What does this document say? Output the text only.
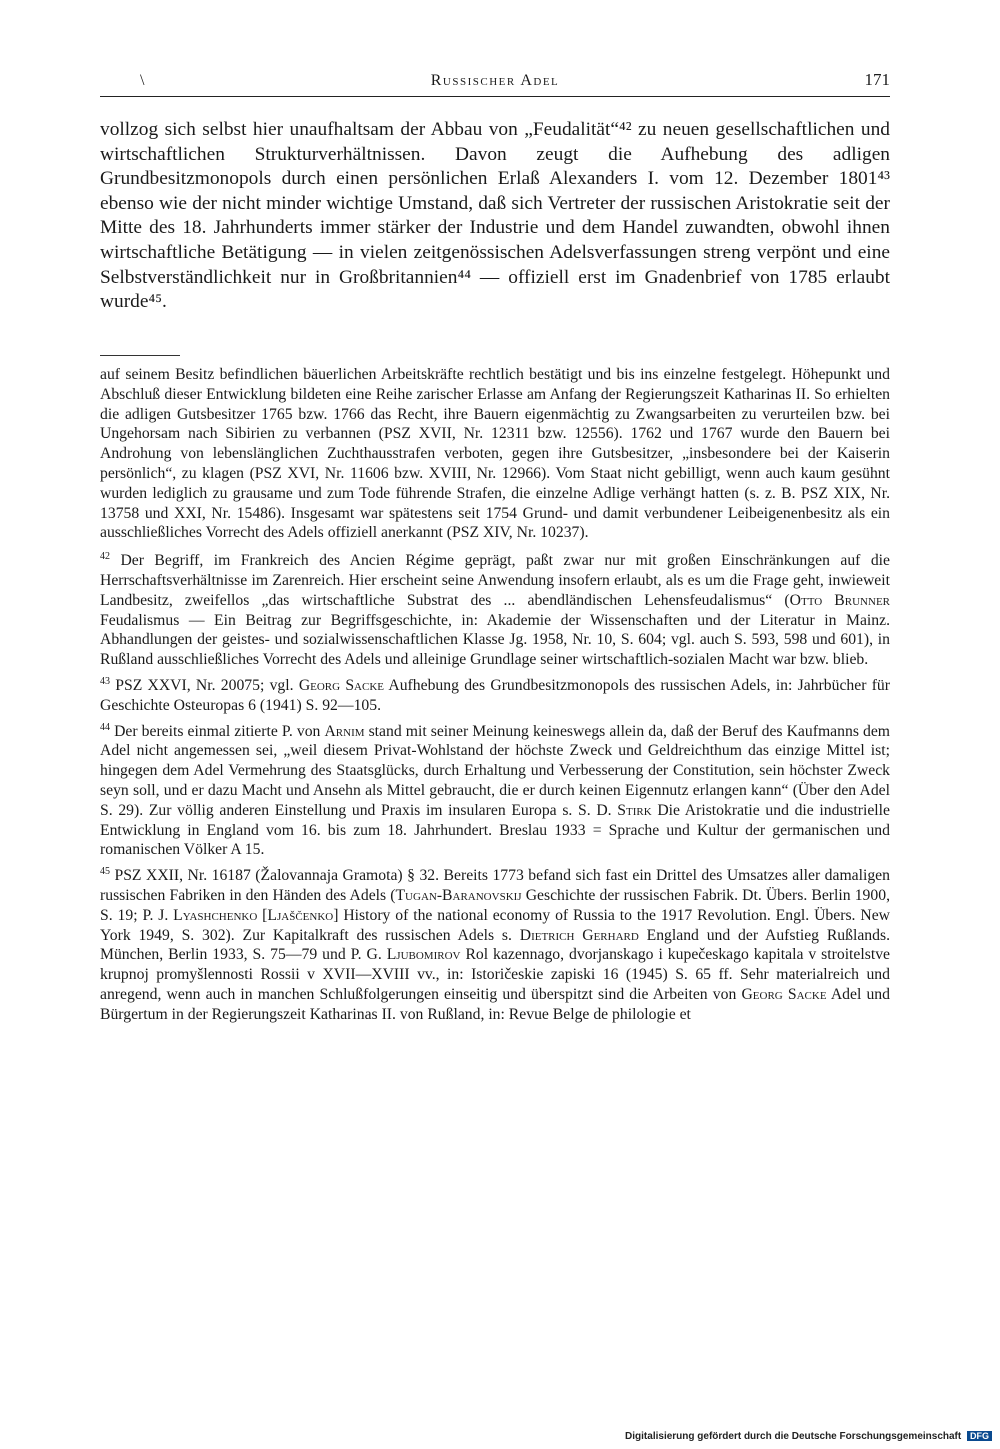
\	Russischer Adel	171
vollzog sich selbst hier unaufhaltsam der Abbau von „Feudalität“⁴² zu neuen gesellschaftlichen und wirtschaftlichen Strukturverhältnissen. Davon zeugt die Aufhebung des adligen Grundbesitzmonopols durch einen persönlichen Erlaß Alexanders I. vom 12. Dezember 1801⁴³ ebenso wie der nicht minder wichtige Umstand, daß sich Vertreter der russischen Aristokratie seit der Mitte des 18. Jahrhunderts immer stärker der Industrie und dem Handel zuwandten, obwohl ihnen wirtschaftliche Betätigung — in vielen zeitgenössischen Adelsverfassungen streng verpönt und eine Selbstverständlichkeit nur in Großbritannien⁴⁴ — offiziell erst im Gnadenbrief von 1785 erlaubt wurde⁴⁵.

auf seinem Besitz befindlichen bäuerlichen Arbeitskräfte rechtlich bestätigt und bis ins einzelne festgelegt. Höhepunkt und Abschluß dieser Entwicklung bildeten eine Reihe zarischer Erlasse am Anfang der Regierungszeit Katharinas II. So erhielten die adligen Gutsbesitzer 1765 bzw. 1766 das Recht, ihre Bauern eigenmächtig zu Zwangsarbeiten zu verurteilen bzw. bei Ungehorsam nach Sibirien zu verbannen (PSZ XVII, Nr. 12311 bzw. 12556). 1762 und 1767 wurde den Bauern bei Androhung von lebenslänglichen Zuchthausstrafen verboten, gegen ihre Gutsbesitzer, „insbesondere bei der Kaiserin persönlich“, zu klagen (PSZ XVI, Nr. 11606 bzw. XVIII, Nr. 12966). Vom Staat nicht gebilligt, wenn auch kaum gesühnt wurden lediglich zu grausame und zum Tode führende Strafen, die einzelne Adlige verhängt hatten (s. z. B. PSZ XIX, Nr. 13758 und XXI, Nr. 15486). Insgesamt war spätestens seit 1754 Grund- und damit verbundener Leibeigenenbesitz als ein ausschließliches Vorrecht des Adels offiziell anerkannt (PSZ XIV, Nr. 10237).

$^{42}$ Der Begriff, im Frankreich des Ancien Régime geprägt, paßt zwar nur mit großen Einschränkungen auf die Herrschaftsverhältnisse im Zarenreich. Hier erscheint seine Anwendung insofern erlaubt, als es um die Frage geht, inwieweit Landbesitz, zweifellos „das wirtschaftliche Substrat des ... abendländischen Lehensfeudalismus“ (Otto Brunner Feudalismus — Ein Beitrag zur Begriffsgeschichte, in: Akademie der Wissenschaften und der Literatur in Mainz. Abhandlungen der geistes- und sozialwissenschaftlichen Klasse Jg. 1958, Nr. 10, S. 604; vgl. auch S. 593, 598 und 601), in Rußland ausschließliches Vorrecht des Adels und alleinige Grundlage seiner wirtschaftlich-sozialen Macht war bzw. blieb.

$^{43}$ PSZ XXVI, Nr. 20075; vgl. Georg Sacke Aufhebung des Grundbesitzmonopols des russischen Adels, in: Jahrbücher für Geschichte Osteuropas 6 (1941) S. 92—105.

$^{44}$ Der bereits einmal zitierte P. von Arnim stand mit seiner Meinung keineswegs allein da, daß der Beruf des Kaufmanns dem Adel nicht angemessen sei, „weil diesem Privat-Wohlstand der höchste Zweck und Geldreichthum das einzige Mittel ist; hingegen dem Adel Vermehrung des Staatsglücks, durch Erhaltung und Verbesserung der Constitution, sein höchster Zweck seyn soll, und er dazu Macht und Ansehn als Mittel gebraucht, die er durch keinen Eigennutz erlangen kann“ (Über den Adel S. 29). Zur völlig anderen Einstellung und Praxis im insularen Europa s. S. D. Stirk Die Aristokratie und die industrielle Entwicklung in England vom 16. bis zum 18. Jahrhundert. Breslau 1933 = Sprache und Kultur der germanischen und romanischen Völker A 15.

$^{45}$ PSZ XXII, Nr. 16187 (Žalovannaja Gramota) § 32. Bereits 1773 befand sich fast ein Drittel des Umsatzes aller damaligen russischen Fabriken in den Händen des Adels (Tugan-Baranovskij Geschichte der russischen Fabrik. Dt. Übers. Berlin 1900, S. 19; P. J. Lyashchenko [Ljaščenko] History of the national economy of Russia to the 1917 Revolution. Engl. Übers. New York 1949, S. 302). Zur Kapitalkraft des russischen Adels s. Dietrich Gerhard England und der Aufstieg Rußlands. München, Berlin 1933, S. 75—79 und P. G. Ljubomirov Rol kazennago, dvorjanskago i kupečeskago kapitala v stroitelstve krupnoj promyšlennosti Rossii v XVII—XVIII vv., in: Istoričeskie zapiski 16 (1945) S. 65 ff. Sehr materialreich und anregend, wenn auch in manchen Schlußfolgerungen einseitig und überspitzt sind die Arbeiten von Georg Sacke Adel und Bürgertum in der Regierungszeit Katharinas II. von Rußland, in: Revue Belge de philologie et

Digitalisierung gefördert durch die Deutsche Forschungsgemeinschaft DFG
